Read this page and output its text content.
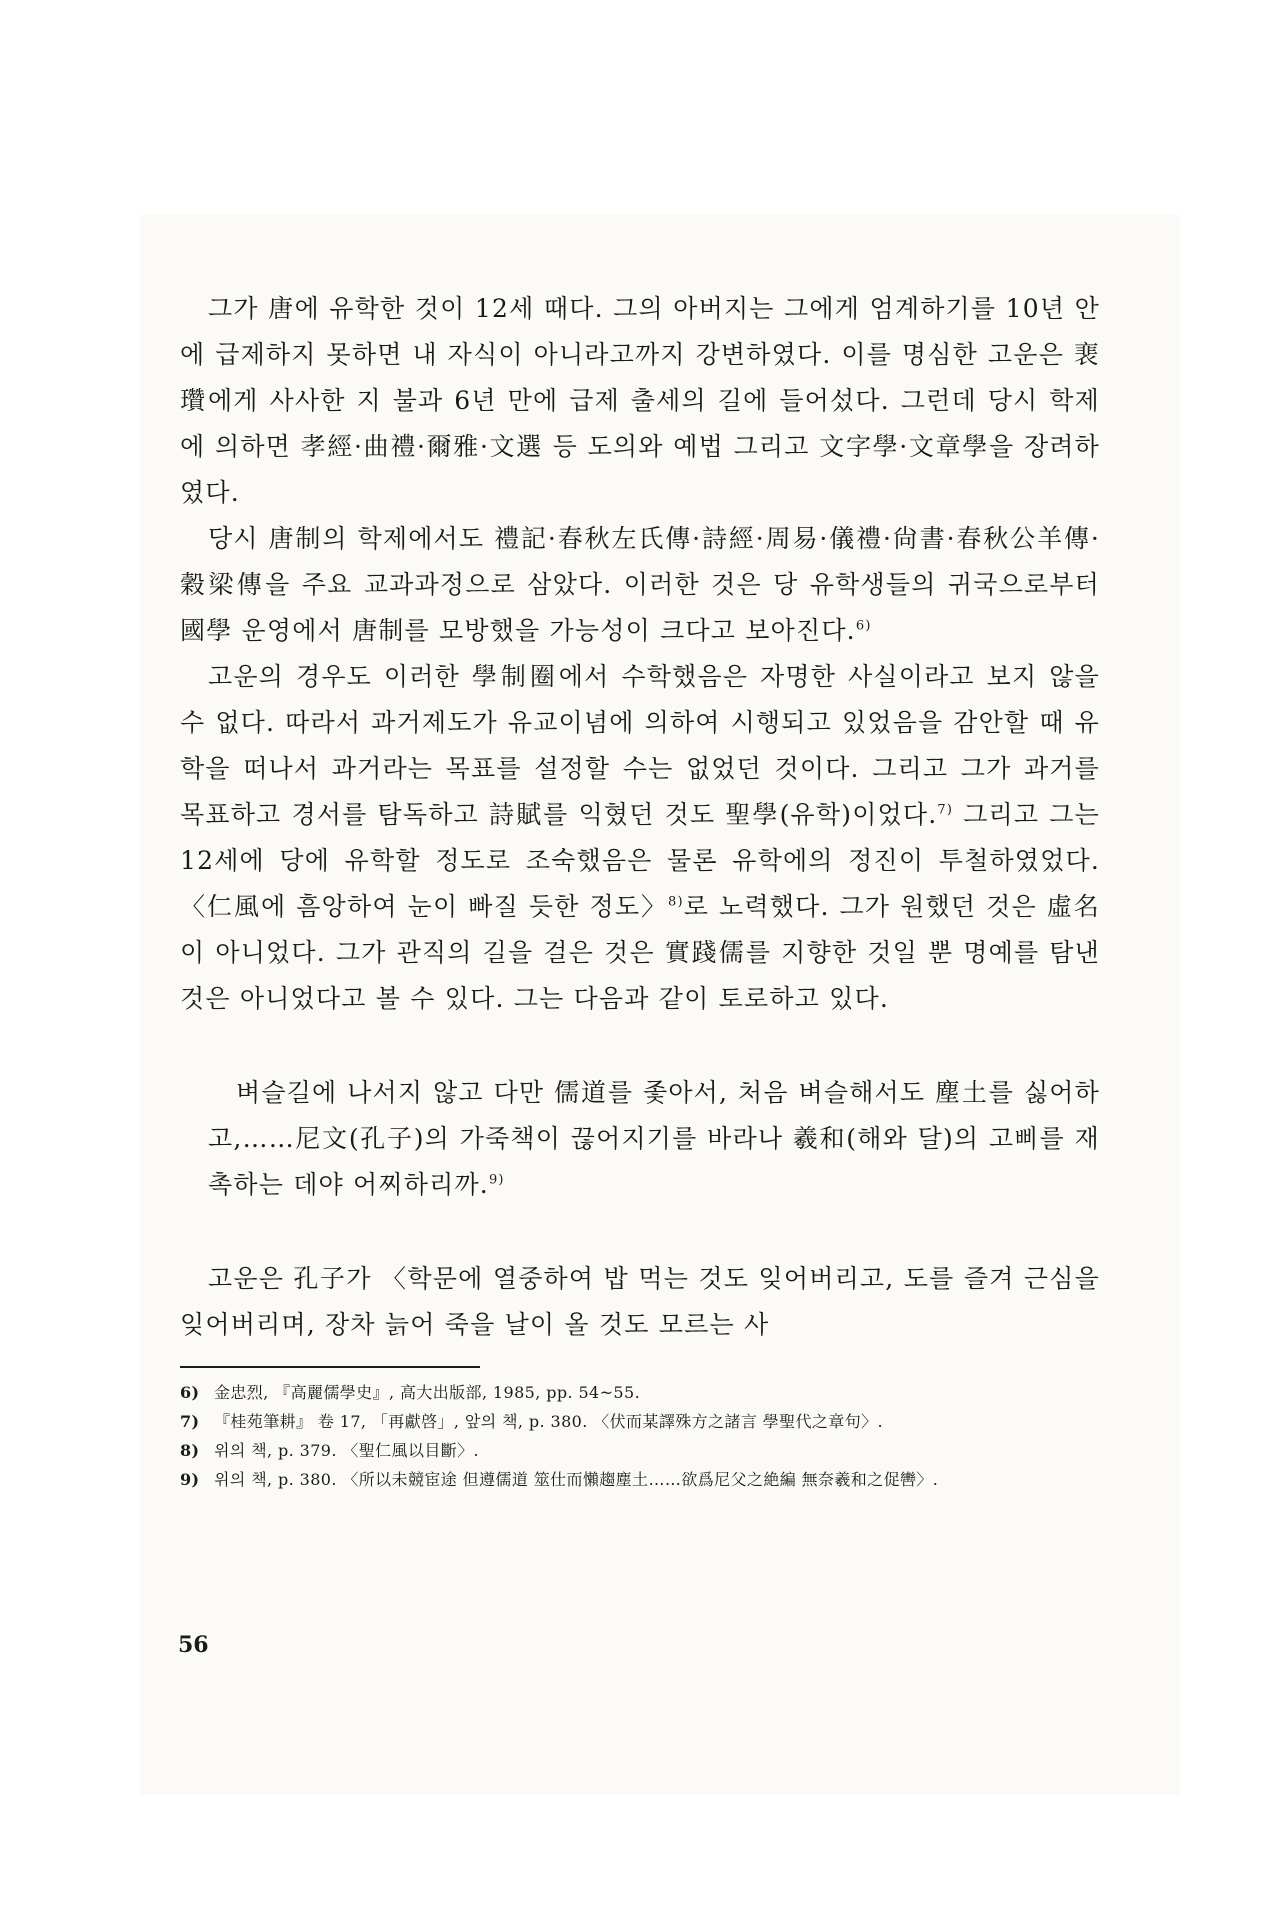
그가 唐에 유학한 것이 12세 때다. 그의 아버지는 그에게 엄계하기를 10년 안에 급제하지 못하면 내 자식이 아니라고까지 강변하였다. 이를 명심한 고운은 裵瓚에게 사사한 지 불과 6년 만에 급제 출세의 길에 들어섰다. 그런데 당시 학제에 의하면 孝經·曲禮·爾雅·文選 등 도의와 예법 그리고 文字學·文章學을 장려하였다.

당시 唐制의 학제에서도 禮記·春秋左氏傳·詩經·周易·儀禮·尙書·春秋公羊傳·穀梁傳을 주요 교과과정으로 삼았다. 이러한 것은 당 유학생들의 귀국으로부터 國學 운영에서 唐制를 모방했을 가능성이 크다고 보아진다.$^{6)}$

고운의 경우도 이러한 學制圈에서 수학했음은 자명한 사실이라고 보지 않을 수 없다. 따라서 과거제도가 유교이념에 의하여 시행되고 있었음을 감안할 때 유학을 떠나서 과거라는 목표를 설정할 수는 없었던 것이다. 그리고 그가 과거를 목표하고 경서를 탐독하고 詩賦를 익혔던 것도 聖學(유학)이었다.$^{7)}$ 그리고 그는 12세에 당에 유학할 정도로 조숙했음은 물론 유학에의 정진이 투철하였었다. 〈仁風에 흠앙하여 눈이 빠질 듯한 정도〉$^{8)}$로 노력했다. 그가 원했던 것은 虛名이 아니었다. 그가 관직의 길을 걸은 것은 實踐儒를 지향한 것일 뿐 명예를 탐낸 것은 아니었다고 볼 수 있다. 그는 다음과 같이 토로하고 있다.

벼슬길에 나서지 않고 다만 儒道를 좇아서, 처음 벼슬해서도 塵土를 싫어하고,……尼文(孔子)의 가죽책이 끊어지기를 바라나 羲和(해와 달)의 고삐를 재촉하는 데야 어찌하리까.$^{9)}$

고운은 孔子가 〈학문에 열중하여 밥 먹는 것도 잊어버리고, 도를 즐겨 근심을 잊어버리며, 장차 늙어 죽을 날이 올 것도 모르는 사

6) 金忠烈, 『高麗儒學史』, 高大出版部, 1985, pp. 54~55.
7) 『桂苑筆耕』 卷 17, 「再獻啓」, 앞의 책, p. 380. 〈伏而某譯殊方之諸言 學聖代之章句〉.
8) 위의 책, p. 379. 〈聖仁風以目斷〉.
9) 위의 책, p. 380. 〈所以未競宦途 但遵儒道 筮仕而懶趨塵土……欲爲尼父之絶編 無奈羲和之促轡〉.
56
